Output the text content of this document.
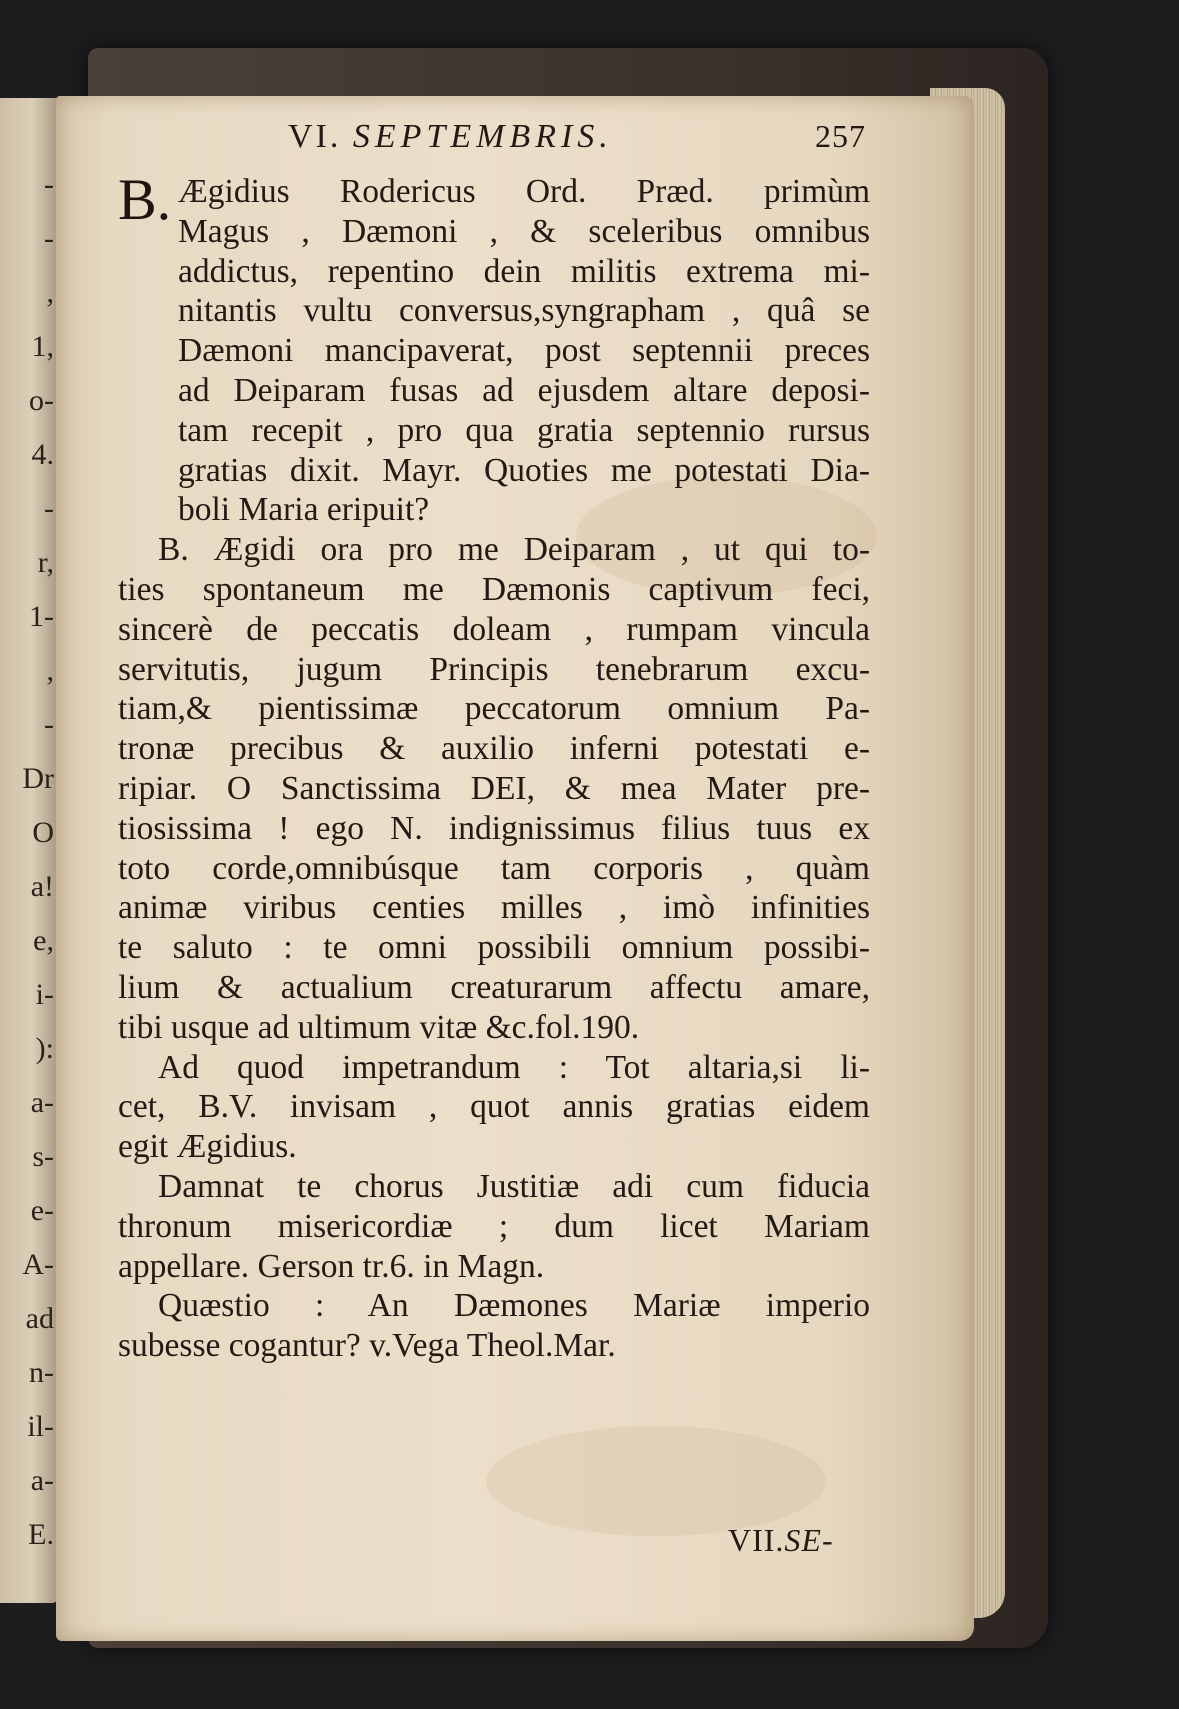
-
-
,
1,
o-
4.
-
r,
1-
,
-
Dr
O
a!
e,
i-
):
a-
s-
e-
A-
ad
n-
il-
a-
E.
VI. SEPTEMBRIS.	257
B. Ægidius Rodericus Ord. Præd. primùm
Magus , Dæmoni , & sceleribus omnibus
addictus, repentino dein militis extrema mi-
nitantis vultu conversus,syngrapham , quâ se
Dæmoni mancipaverat, post septennii preces
ad Deiparam fusas ad ejusdem altare deposi-
tam recepit , pro qua gratia septennio rursus
gratias dixit. Mayr. Quoties me potestati Dia-
boli Maria eripuit?
B. Ægidi ora pro me Deiparam , ut qui to-
ties spontaneum me Dæmonis captivum feci,
sincerè de peccatis doleam , rumpam vincula
servitutis, jugum Principis tenebrarum excu-
tiam,& pientissimæ peccatorum omnium Pa-
tronæ precibus & auxilio inferni potestati e-
ripiar. O Sanctissima DEI, & mea Mater pre-
tiosissima ! ego N. indignissimus filius tuus ex
toto corde,omnibúsque tam corporis , quàm
animæ viribus centies milles , imò infinities
te saluto : te omni possibili omnium possibi-
lium & actualium creaturarum affectu amare,
tibi usque ad ultimum vitæ &c.fol.190.
Ad quod impetrandum : Tot altaria,si li-
cet, B.V. invisam , quot annis gratias eidem
egit Ægidius.
Damnat te chorus Justitiæ adi cum fiducia
thronum misericordiæ ; dum licet Mariam
appellare. Gerson tr.6. in Magn.
Quæstio : An Dæmones Mariæ imperio
subesse cogantur? v.Vega Theol.Mar.
VII.SE-
